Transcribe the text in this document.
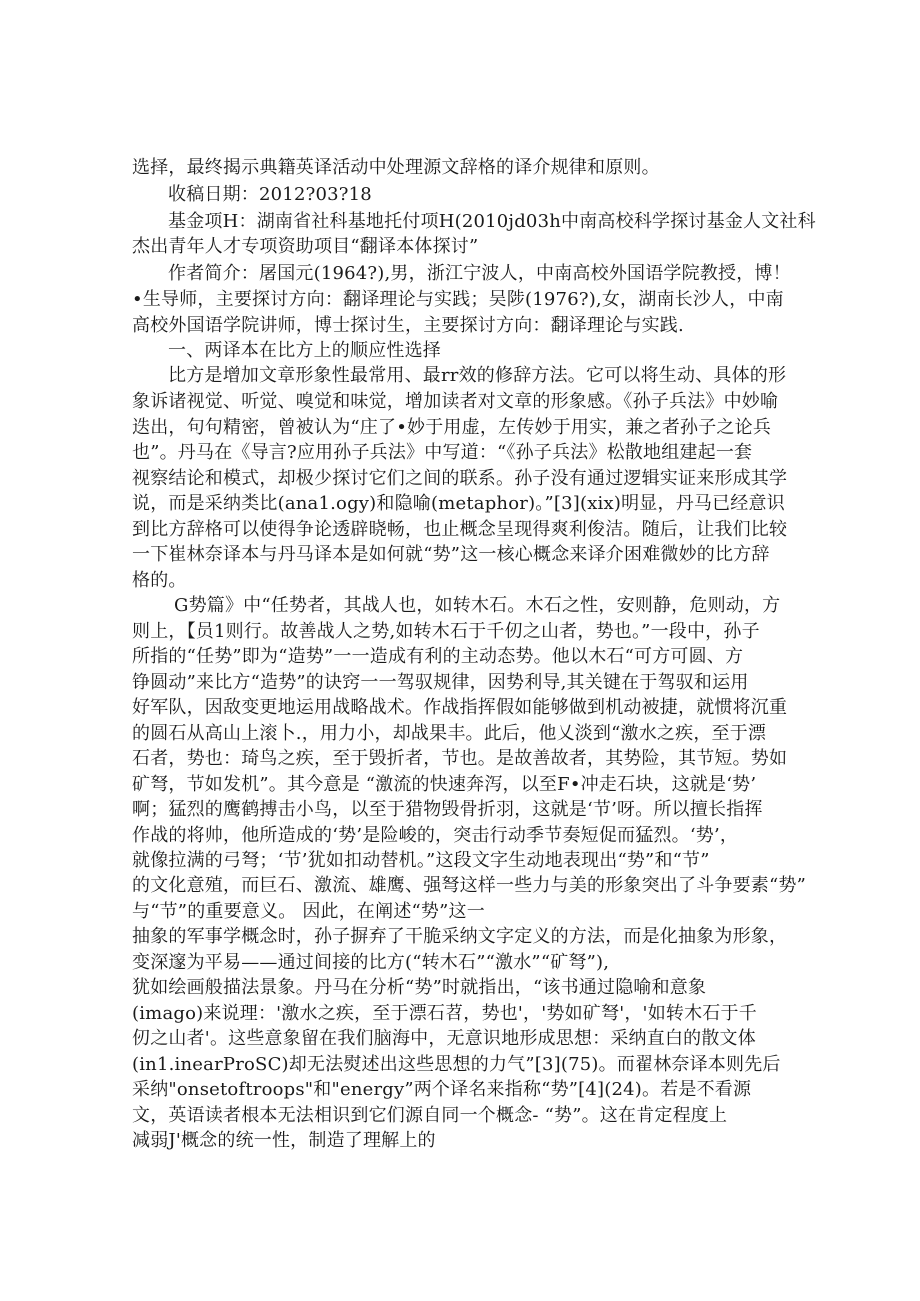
选择，最终揭示典籍英译活动中处理源文辞格的译介规律和原则。
收稿日期：2012?03?18
基金项H：湖南省社科基地托付项H(2010jd03h中南高校科学探讨基金人文社科
杰出青年人才专项资助项目“翻译本体探讨”
作者简介：屠国元(1964?),男，浙江宁波人，中南高校外国语学院教授，博！
•生导师，主要探讨方向：翻译理论与实践；吴陟(1976?),女，湖南长沙人，中南
高校外国语学院讲师，博士探讨生，主要探讨方向：翻译理论与实践.
一、两译本在比方上的顺应性选择
比方是增加文章形象性最常用、最rr效的修辞方法。它可以将生动、具体的形
象诉诸视觉、听觉、嗅觉和味觉，增加读者对文章的形象感。《孙子兵法》中妙喻
迭出，句句精密，曾被认为“庄了•妙于用虚，左传妙于用实，兼之者孙子之论兵
也”。丹马在《导言?应用孙子兵法》中写道：“《孙子兵法》松散地组建起一套
视察结论和模式，却极少探讨它们之间的联系。孙子没有通过逻辑实证来形成其学
说，而是采纳类比(ana1.ogy)和隐喻(metaphor)。”[3](xix)明显，丹马已经意识
到比方辞格可以使得争论透辟晓畅，也止概念呈现得爽利俊洁。随后，让我们比较
一下崔林奈译本与丹马译本是如何就“势”这一核心概念来译介困难微妙的比方辞
格的。
G势篇》中“任势者，其战人也，如转木石。木石之性，安则静，危则动，方
则上，【员1则行。故善战人之势,如转木石于千仞之山者，势也。”一段中，孙子
所指的“任势”即为“造势”一一造成有利的主动态势。他以木石“可方可圆、方
铮圆动”来比方“造势”的诀窍一一驾驭规律，因势利导,其关键在于驾驭和运用
好军队，因敌变更地运用战略战术。作战指挥假如能够做到机动被捷，就惯将沉重
的圆石从高山上滚卜.，用力小，却战果丰。此后，他乂淡到“激水之疾，至于漂
石者，势也：琦鸟之疾，至于毁折者，节也。是故善故者，其势险，其节短。势如
矿弩，节如发机”。其今意是 “激流的快速奔泻，以至F•冲走石块，这就是‘势’
啊；猛烈的鹰鹤搏击小鸟，以至于猎物毁骨折羽，这就是‘节’呀。所以擅长指挥
作战的将帅，他所造成的‘势’是险峻的，突击行动季节奏短促而猛烈。‘势’，
就像拉满的弓弩；‘节’犹如扣动替机。”这段文字生动地表现出“势”和“节”
的文化意殖，而巨石、激流、雄鹰、强弩这样一些力与美的形象突出了斗争要素“势”
与“节”的重要意义。 因此，在阐述“势”这一
抽象的军事学概念时，孙子摒弃了干脆采纳文字定义的方法，而是化抽象为形象，
变深邃为平易——通过间接的比方(“转木石”“激水”“矿弩”),
犹如绘画般描法景象。丹马在分析“势”时就指出，“该书通过隐喻和意象
(imago)来说理：'激水之疾，至于漂石苕，势也'，'势如矿弩'，'如转木石于千
仞之山者'。这些意象留在我们脑海中，无意识地形成思想：采纳直白的散文体
(in1.inearProSC)却无法熨述出这些思想的力气”[3](75)。而翟林奈译本则先后
采纳"onsetoftroops"和"energy”两个译名来指称“势”[4](24)。若是不看源
文，英语读者根本无法相识到它们源自同一个概念- “势”。这在肯定程度上
减弱J'概念的统一性，制造了理解上的
